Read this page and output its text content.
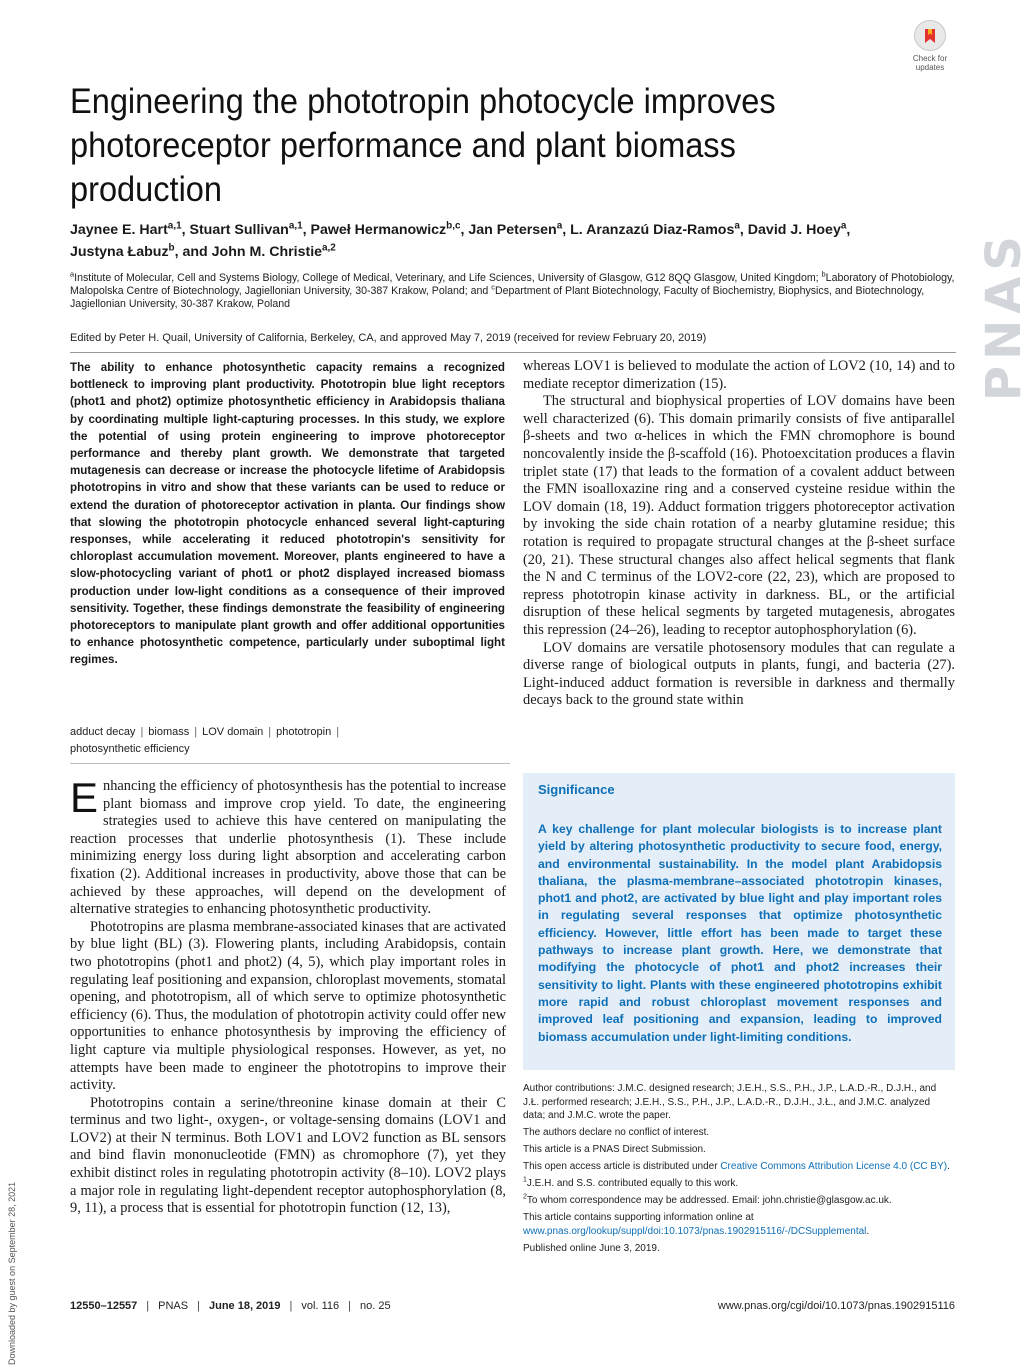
PNAS
Downloaded by guest on September 28, 2021
Check for
updates
Engineering the phototropin photocycle improves photoreceptor performance and plant biomass production
Jaynee E. Hart$^{a,1}$, Stuart Sullivan$^{a,1}$, Paweł Hermanowicz$^{b,c}$, Jan Petersen$^a$, L. Aranzazú Diaz-Ramos$^a$, David J. Hoey$^a$,
Justyna Łabuz$^b$, and John M. Christie$^{a,2}$
$^a$Institute of Molecular, Cell and Systems Biology, College of Medical, Veterinary, and Life Sciences, University of Glasgow, G12 8QQ Glasgow, United Kingdom; $^b$Laboratory of Photobiology, Malopolska Centre of Biotechnology, Jagiellonian University, 30-387 Krakow, Poland; and $^c$Department of Plant Biotechnology, Faculty of Biochemistry, Biophysics, and Biotechnology, Jagiellonian University, 30-387 Krakow, Poland
Edited by Peter H. Quail, University of California, Berkeley, CA, and approved May 7, 2019 (received for review February 20, 2019)
The ability to enhance photosynthetic capacity remains a recognized bottleneck to improving plant productivity. Phototropin blue light receptors (phot1 and phot2) optimize photosynthetic efficiency in Arabidopsis thaliana by coordinating multiple light-capturing processes. In this study, we explore the potential of using protein engineering to improve photoreceptor performance and thereby plant growth. We demonstrate that targeted mutagenesis can decrease or increase the photocycle lifetime of Arabidopsis phototropins in vitro and show that these variants can be used to reduce or extend the duration of photoreceptor activation in planta. Our findings show that slowing the phototropin photocycle enhanced several light-capturing responses, while accelerating it reduced phototropin's sensitivity for chloroplast accumulation movement. Moreover, plants engineered to have a slow-photocycling variant of phot1 or phot2 displayed increased biomass production under low-light conditions as a consequence of their improved sensitivity. Together, these findings demonstrate the feasibility of engineering photoreceptors to manipulate plant growth and offer additional opportunities to enhance photosynthetic competence, particularly under suboptimal light regimes.
adduct decay | biomass | LOV domain | phototropin |
photosynthetic efficiency

Enhancing the efficiency of photosynthesis has the potential to increase plant biomass and improve crop yield. To date, the engineering strategies used to achieve this have centered on manipulating the reaction processes that underlie photosynthesis (1). These include minimizing energy loss during light absorption and accelerating carbon fixation (2). Additional increases in productivity, above those that can be achieved by these approaches, will depend on the development of alternative strategies to enhancing photosynthetic productivity.

Phototropins are plasma membrane-associated kinases that are activated by blue light (BL) (3). Flowering plants, including Arabidopsis, contain two phototropins (phot1 and phot2) (4, 5), which play important roles in regulating leaf positioning and expansion, chloroplast movements, stomatal opening, and phototropism, all of which serve to optimize photosynthetic efficiency (6). Thus, the modulation of phototropin activity could offer new opportunities to enhance photosynthesis by improving the efficiency of light capture via multiple physiological responses. However, as yet, no attempts have been made to engineer the phototropins to improve their activity.

Phototropins contain a serine/threonine kinase domain at their C terminus and two light-, oxygen-, or voltage-sensing domains (LOV1 and LOV2) at their N terminus. Both LOV1 and LOV2 function as BL sensors and bind flavin mononucleotide (FMN) as chromophore (7), yet they exhibit distinct roles in regulating phototropin activity (8–10). LOV2 plays a major role in regulating light-dependent receptor autophosphorylation (8, 9, 11), a process that is essential for phototropin function (12, 13),

whereas LOV1 is believed to modulate the action of LOV2 (10, 14) and to mediate receptor dimerization (15).

The structural and biophysical properties of LOV domains have been well characterized (6). This domain primarily consists of five antiparallel β-sheets and two α-helices in which the FMN chromophore is bound noncovalently inside the β-scaffold (16). Photoexcitation produces a flavin triplet state (17) that leads to the formation of a covalent adduct between the FMN isoalloxazine ring and a conserved cysteine residue within the LOV domain (18, 19). Adduct formation triggers photoreceptor activation by invoking the side chain rotation of a nearby glutamine residue; this rotation is required to propagate structural changes at the β-sheet surface (20, 21). These structural changes also affect helical segments that flank the N and C terminus of the LOV2-core (22, 23), which are proposed to repress phototropin kinase activity in darkness. BL, or the artificial disruption of these helical segments by targeted mutagenesis, abrogates this repression (24–26), leading to receptor autophosphorylation (6).

LOV domains are versatile photosensory modules that can regulate a diverse range of biological outputs in plants, fungi, and bacteria (27). Light-induced adduct formation is reversible in darkness and thermally decays back to the ground state within

Significance
A key challenge for plant molecular biologists is to increase plant yield by altering photosynthetic productivity to secure food, energy, and environmental sustainability. In the model plant Arabidopsis thaliana, the plasma-membrane–associated phototropin kinases, phot1 and phot2, are activated by blue light and play important roles in regulating several responses that optimize photosynthetic efficiency. However, little effort has been made to target these pathways to increase plant growth. Here, we demonstrate that modifying the photocycle of phot1 and phot2 increases their sensitivity to light. Plants with these engineered phototropins exhibit more rapid and robust chloroplast movement responses and improved leaf positioning and expansion, leading to improved biomass accumulation under light-limiting conditions.
Author contributions: J.M.C. designed research; J.E.H., S.S., P.H., J.P., L.A.D.-R., D.J.H., and J.Ł. performed research; J.E.H., S.S., P.H., J.P., L.A.D.-R., D.J.H., J.Ł., and J.M.C. analyzed data; and J.M.C. wrote the paper.
The authors declare no conflict of interest.
This article is a PNAS Direct Submission.
This open access article is distributed under Creative Commons Attribution License 4.0 (CC BY).
$^1$J.E.H. and S.S. contributed equally to this work.
$^2$To whom correspondence may be addressed. Email: john.christie@glasgow.ac.uk.
This article contains supporting information online at www.pnas.org/lookup/suppl/doi:10.1073/pnas.1902915116/-/DCSupplemental.
Published online June 3, 2019.
12550–12557 | PNAS | June 18, 2019 | vol. 116 | no. 25	www.pnas.org/cgi/doi/10.1073/pnas.1902915116
